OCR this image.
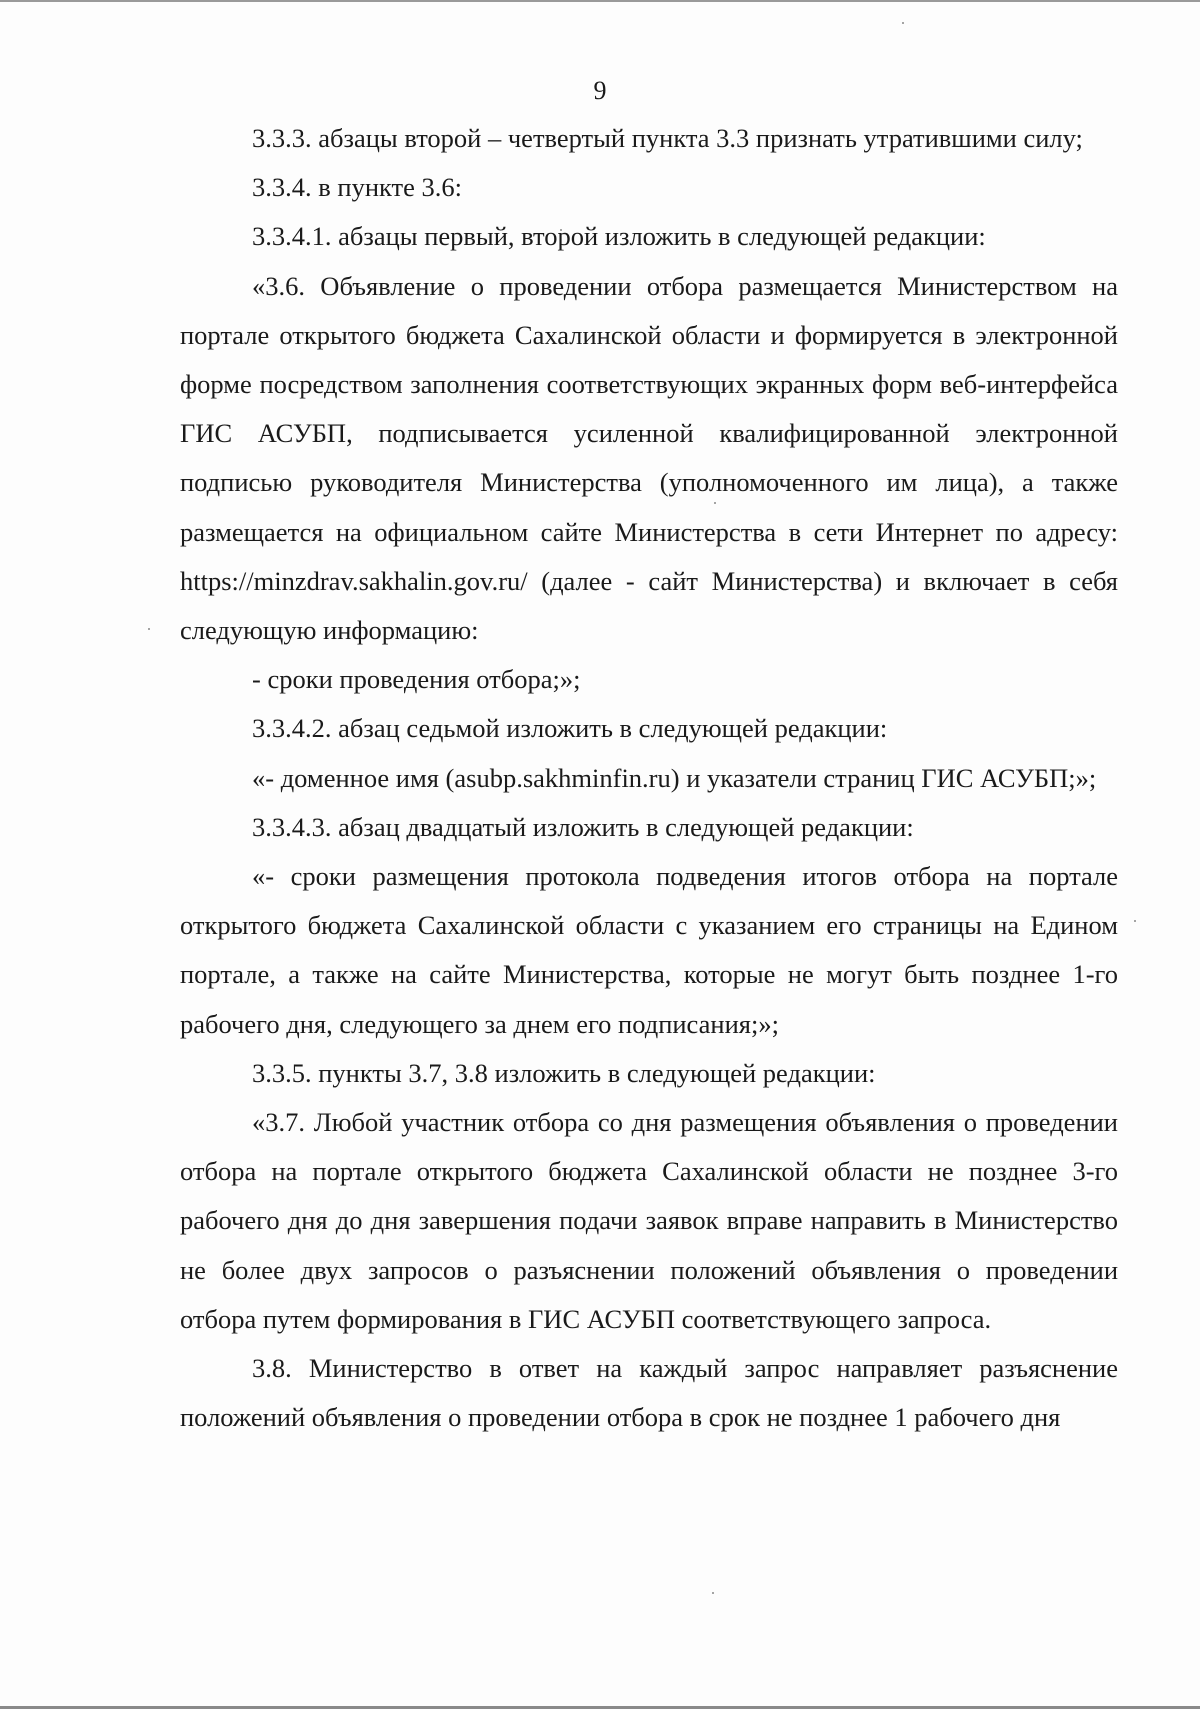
9

3.3.3. абзацы второй – четвертый пункта 3.3 признать утратившими силу;

3.3.4. в пункте 3.6:

3.3.4.1. абзацы первый, второй изложить в следующей редакции:

«3.6. Объявление о проведении отбора размещается Министерством на портале открытого бюджета Сахалинской области и формируется в электронной форме посредством заполнения соответствующих экранных форм веб-интерфейса ГИС АСУБП, подписывается усиленной квалифицированной электронной подписью руководителя Министерства (уполномоченного им лица), а также размещается на официальном сайте Министерства в сети Интернет по адресу: https://minzdrav.sakhalin.gov.ru/ (далее - сайт Министерства) и включает в себя следующую информацию:

- сроки проведения отбора;»;

3.3.4.2. абзац седьмой изложить в следующей редакции:

«- доменное имя (asubp.sakhminfin.ru) и указатели страниц ГИС АСУБП;»;

3.3.4.3. абзац двадцатый изложить в следующей редакции:

«- сроки размещения протокола подведения итогов отбора на портале открытого бюджета Сахалинской области с указанием его страницы на Едином портале, а также на сайте Министерства, которые не могут быть позднее 1-го рабочего дня, следующего за днем его подписания;»;

3.3.5. пункты 3.7, 3.8 изложить в следующей редакции:

«3.7. Любой участник отбора со дня размещения объявления о проведении отбора на портале открытого бюджета Сахалинской области не позднее 3-го рабочего дня до дня завершения подачи заявок вправе направить в Министерство не более двух запросов о разъяснении положений объявления о проведении отбора путем формирования в ГИС АСУБП соответствующего запроса.

3.8. Министерство в ответ на каждый запрос направляет разъяснение положений объявления о проведении отбора в срок не позднее 1 рабочего дня
